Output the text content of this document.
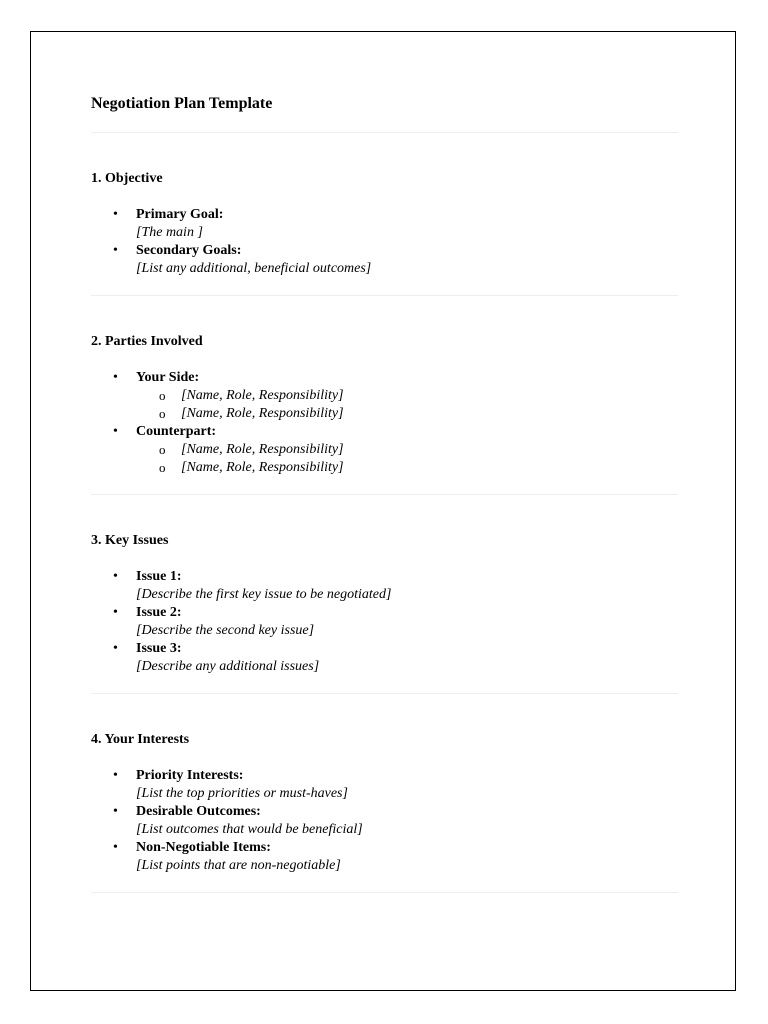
Negotiation Plan Template
1. Objective
• Primary Goal:
[The main ]
• Secondary Goals:
[List any additional, beneficial outcomes]
2. Parties Involved
• Your Side:
o [Name, Role, Responsibility]
o [Name, Role, Responsibility]
• Counterpart:
o [Name, Role, Responsibility]
o [Name, Role, Responsibility]
3. Key Issues
• Issue 1:
[Describe the first key issue to be negotiated]
• Issue 2:
[Describe the second key issue]
• Issue 3:
[Describe any additional issues]
4. Your Interests
• Priority Interests:
[List the top priorities or must-haves]
• Desirable Outcomes:
[List outcomes that would be beneficial]
• Non-Negotiable Items:
[List points that are non-negotiable]
